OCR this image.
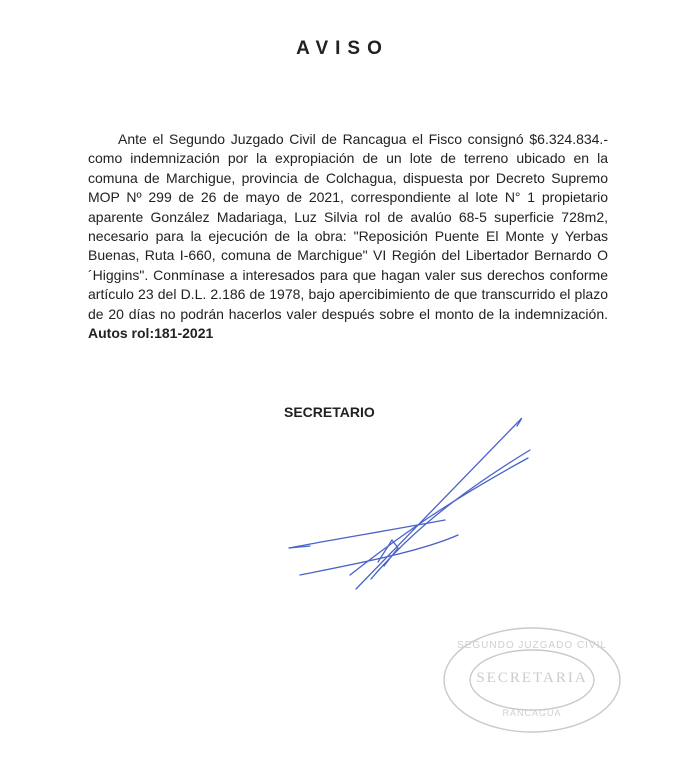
AVISO

Ante el Segundo Juzgado Civil de Rancagua el Fisco consignó $6.324.834.- como indemnización por la expropiación de un lote de terreno ubicado en la comuna de Marchigue, provincia de Colchagua, dispuesta por Decreto Supremo MOP Nº 299 de 26 de mayo de 2021, correspondiente al lote N° 1 propietario aparente González Madariaga, Luz Silvia rol de avalúo 68-5 superficie 728m2, necesario para la ejecución de la obra: "Reposición Puente El Monte y Yerbas Buenas, Ruta I-660, comuna de Marchigue" VI Región del Libertador Bernardo O´Higgins". Conmínase a interesados para que hagan valer sus derechos conforme artículo 23 del D.L. 2.186 de 1978, bajo apercibimiento de que transcurrido el plazo de 20 días no podrán hacerlos valer después sobre el monto de la indemnización. Autos rol:181-2021

SECRETARIO
SEGUNDO JUZGADO CIVIL
SECRETARIA
RANCAGUA
